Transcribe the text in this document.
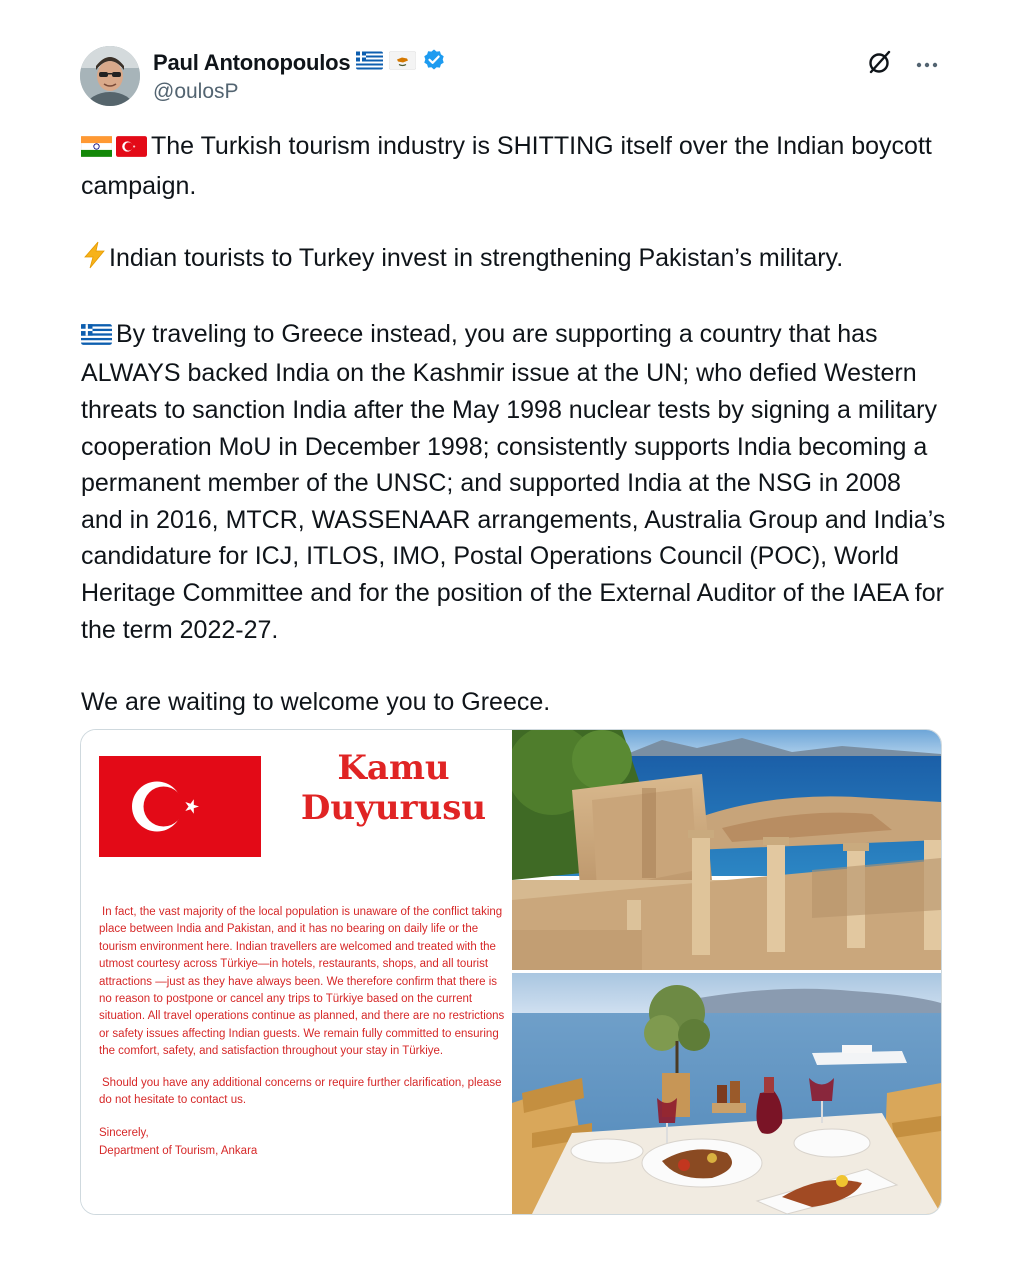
Paul Antonopoulos
@oulosP

The Turkish tourism industry is SHITTING itself over the Indian boycott campaign.

Indian tourists to Turkey invest in strengthening Pakistan’s military.

By traveling to Greece instead, you are supporting a country that has ALWAYS backed India on the Kashmir issue at the UN; who defied Western threats to sanction India after the May 1998 nuclear tests by signing a military cooperation MoU in December 1998; consistently supports India becoming a permanent member of the UNSC; and supported India at the NSG in 2008 and in 2016, MTCR, WASSENAAR arrangements, Australia Group and India’s candidature for ICJ, ITLOS, IMO, Postal Operations Council (POC), World Heritage Committee and for the position of the External Auditor of the IAEA for the term 2022-27.

We are waiting to welcome you to Greece.

Kamu
Duyurusu

In fact, the vast majority of the local population is unaware of the conflict taking place between India and Pakistan, and it has no bearing on daily life or the tourism environment here. Indian travellers are welcomed and treated with the utmost courtesy across Türkiye—in hotels, restaurants, shops, and all tourist attractions —just as they have always been. We therefore confirm that there is no reason to postpone or cancel any trips to Türkiye based on the current situation. All travel operations continue as planned, and there are no restrictions or safety issues affecting Indian guests. We remain fully committed to ensuring the comfort, safety, and satisfaction throughout your stay in Türkiye.

Should you have any additional concerns or require further clarification, please do not hesitate to contact us.

Sincerely,

Department of Tourism, Ankara
